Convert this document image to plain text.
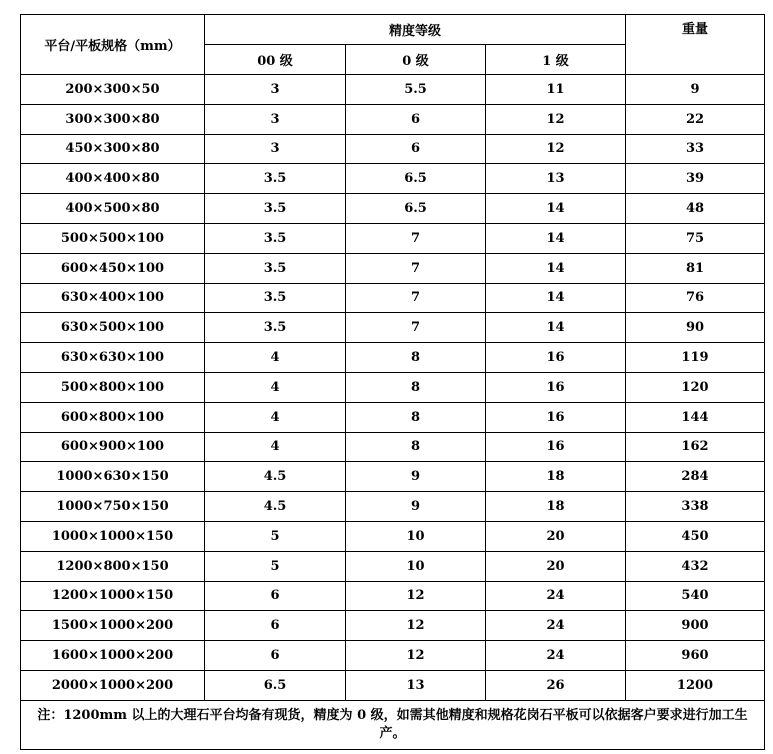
平台/平板规格（mm）	精度等级			重量
	00 级	0 级	1 级	
200×300×50	3	5.5	11	9
300×300×80	3	6	12	22
450×300×80	3	6	12	33
400×400×80	3.5	6.5	13	39
400×500×80	3.5	6.5	14	48
500×500×100	3.5	7	14	75
600×450×100	3.5	7	14	81
630×400×100	3.5	7	14	76
630×500×100	3.5	7	14	90
630×630×100	4	8	16	119
500×800×100	4	8	16	120
600×800×100	4	8	16	144
600×900×100	4	8	16	162
1000×630×150	4.5	9	18	284
1000×750×150	4.5	9	18	338
1000×1000×150	5	10	20	450
1200×800×150	5	10	20	432
1200×1000×150	6	12	24	540
1500×1000×200	6	12	24	900
1600×1000×200	6	12	24	960
2000×1000×200	6.5	13	26	1200
注：1200mm 以上的大理石平台均备有现货，精度为 0 级，如需其他精度和规格花岗石平板可以依据客户要求进行加工生产。				
